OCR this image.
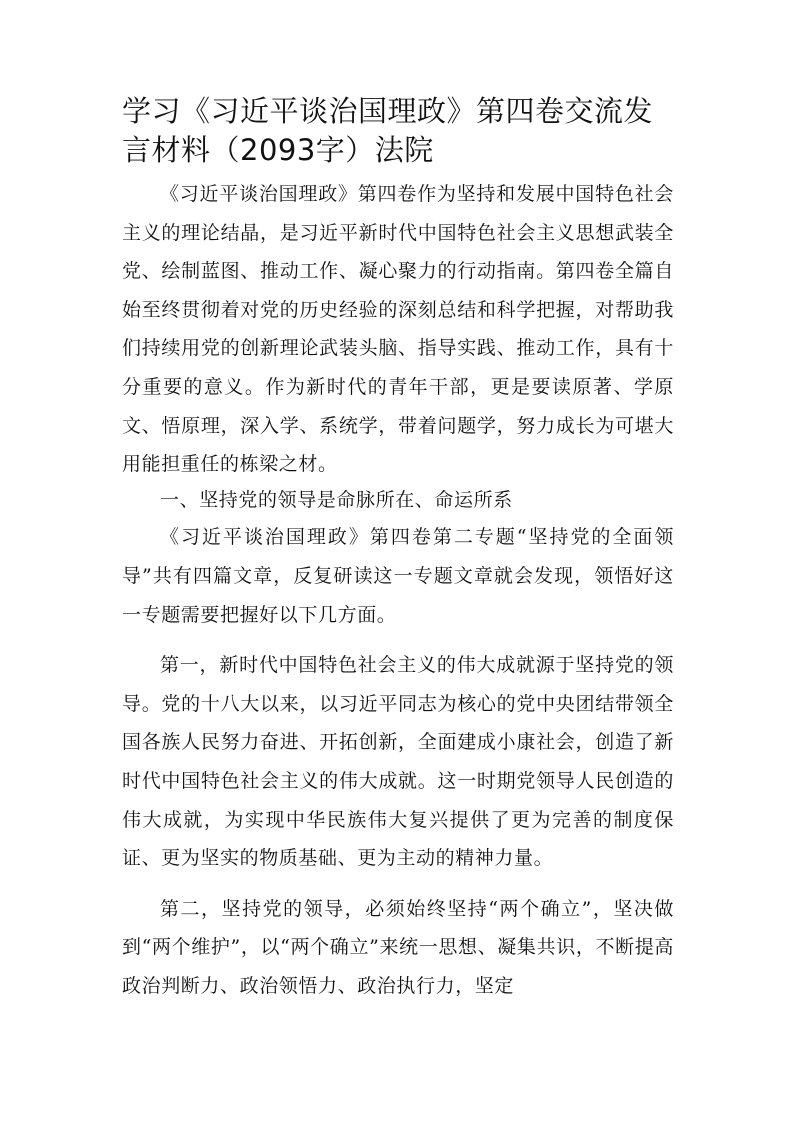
学习《习近平谈治国理政》第四卷交流发言材料（2093字）法院

《习近平谈治国理政》第四卷作为坚持和发展中国特色社会主义的理论结晶，是习近平新时代中国特色社会主义思想武装全党、绘制蓝图、推动工作、凝心聚力的行动指南。第四卷全篇自始至终贯彻着对党的历史经验的深刻总结和科学把握，对帮助我们持续用党的创新理论武装头脑、指导实践、推动工作，具有十分重要的意义。作为新时代的青年干部，更是要读原著、学原文、悟原理，深入学、系统学，带着问题学，努力成长为可堪大用能担重任的栋梁之材。

一、坚持党的领导是命脉所在、命运所系

《习近平谈治国理政》第四卷第二专题“坚持党的全面领导”共有四篇文章，反复研读这一专题文章就会发现，领悟好这一专题需要把握好以下几方面。

第一，新时代中国特色社会主义的伟大成就源于坚持党的领导。党的十八大以来，以习近平同志为核心的党中央团结带领全国各族人民努力奋进、开拓创新，全面建成小康社会，创造了新时代中国特色社会主义的伟大成就。这一时期党领导人民创造的伟大成就，为实现中华民族伟大复兴提供了更为完善的制度保证、更为坚实的物质基础、更为主动的精神力量。

第二，坚持党的领导，必须始终坚持“两个确立”，坚决做到“两个维护”，以“两个确立”来统一思想、凝集共识，不断提高政治判断力、政治领悟力、政治执行力，坚定
